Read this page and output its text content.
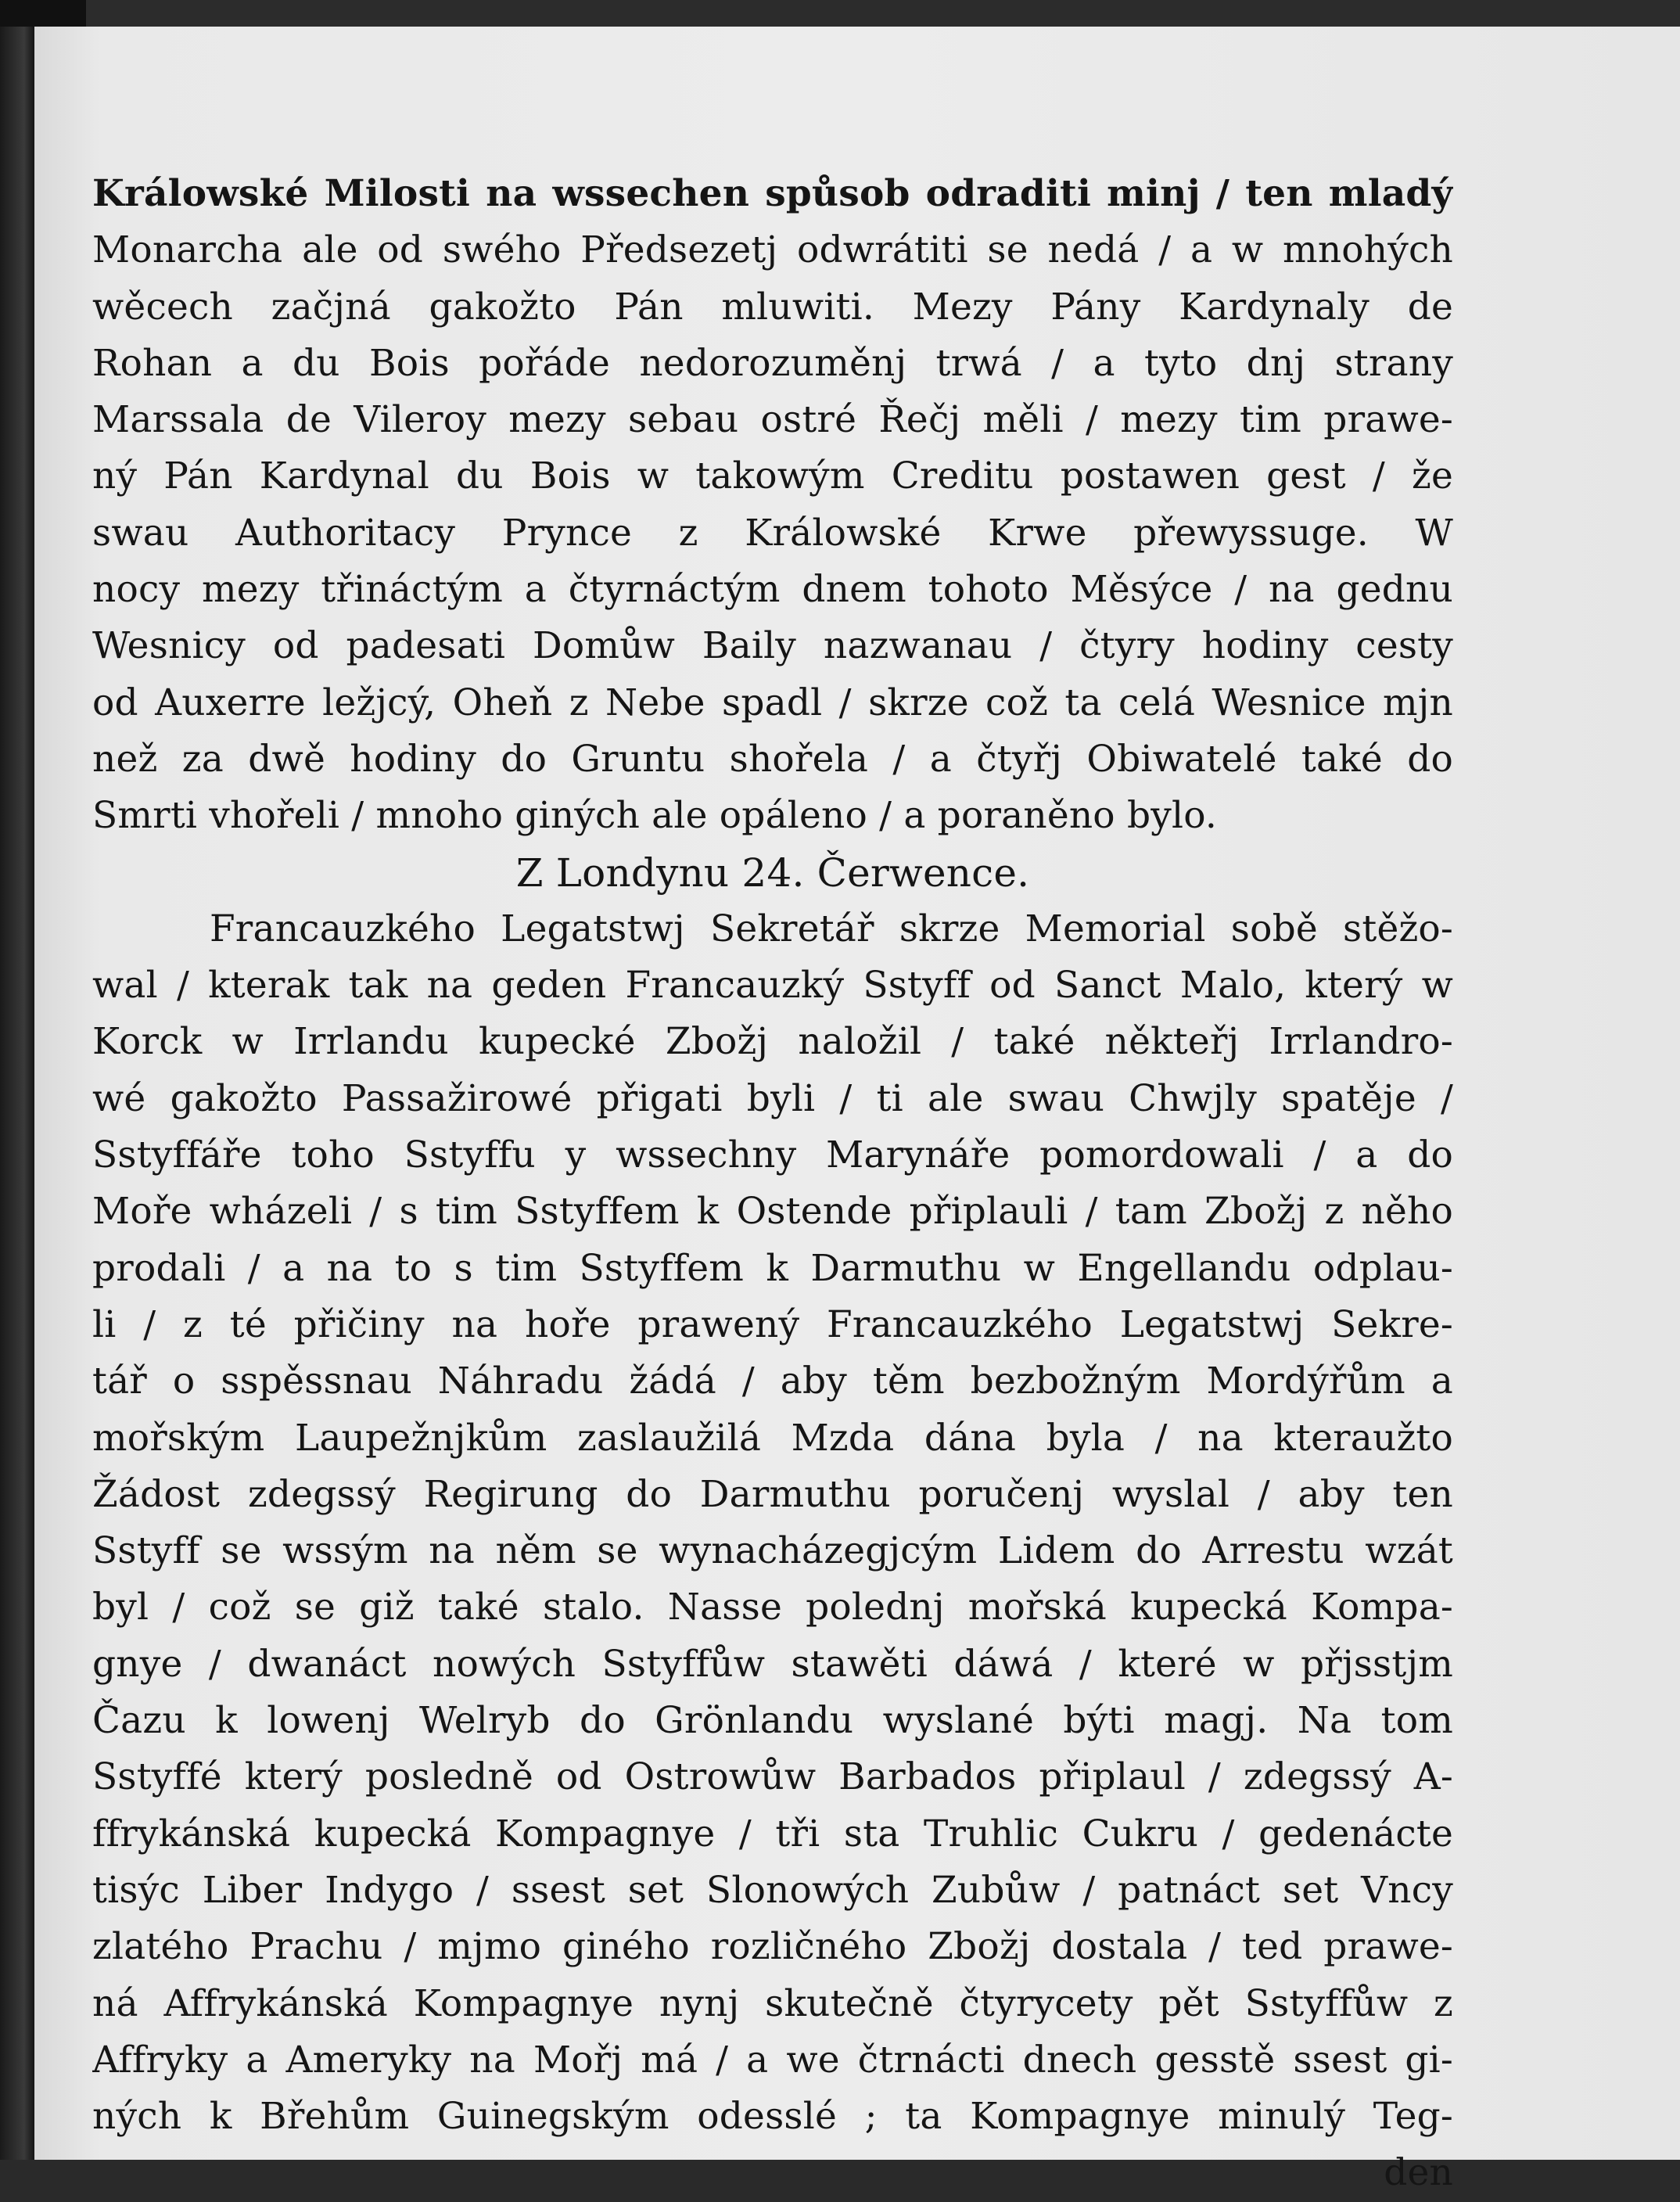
Králowské Milosti na wssechen spůsob odraditi minj / ten mladý
Monarcha ale od swého Předsezetj odwrátiti se nedá / a w mnohých
wěcech začjná gakožto Pán mluwiti. Mezy Pány Kardynaly de
Rohan a du Bois pořáde nedorozuměnj trwá / a tyto dnj strany
Marssala de Vileroy mezy sebau ostré Řečj měli / mezy tim prawe-
ný Pán Kardynal du Bois w takowým Creditu postawen gest / že
swau Authoritacy Prynce z Králowské Krwe přewyssuge. W
nocy mezy třináctým a čtyrnáctým dnem tohoto Měsýce / na gednu
Wesnicy od padesati Domůw Baily nazwanau / čtyry hodiny cesty
od Auxerre ležjcý, Oheň z Nebe spadl / skrze což ta celá Wesnice mjn
než za dwě hodiny do Gruntu shořela / a čtyřj Obiwatelé také do
Smrti vhořeli / mnoho giných ale opáleno / a poraněno bylo.
Z Londynu 24. Čerwence.
Francauzkého Legatstwj Sekretář skrze Memorial sobě stěžo-
wal / kterak tak na geden Francauzký Sstyff od Sanct Malo, který w
Korck w Irrlandu kupecké Zbožj naložil / také někteřj Irrlandro-
wé gakožto Passažirowé přigati byli / ti ale swau Chwjly spatěje /
Sstyffáře toho Sstyffu y wssechny Marynáře pomordowali / a do
Moře wházeli / s tim Sstyffem k Ostende připlauli / tam Zbožj z něho
prodali / a na to s tim Sstyffem k Darmuthu w Engellandu odplau-
li / z té přičiny na hoře prawený Francauzkého Legatstwj Sekre-
tář o sspěssnau Náhradu žádá / aby těm bezbožným Mordýřům a
mořským Laupežnjkům zaslaužilá Mzda dána byla / na kteraužto
Žádost zdegssý Regirung do Darmuthu poručenj wyslal / aby ten
Sstyff se wssým na něm se wynacházegjcým Lidem do Arrestu wzát
byl / což se giž také stalo. Nasse polednj mořská kupecká Kompa-
gnye / dwanáct nowých Sstyffůw stawěti dáwá / které w přjsstjm
Čazu k lowenj Welryb do Grönlandu wyslané býti magj. Na tom
Sstyffé který posledně od Ostrowůw Barbados připlaul / zdegssý A-
ffrykánská kupecká Kompagnye / tři sta Truhlic Cukru / gedenácte
tisýc Liber Indygo / ssest set Slonowých Zubůw / patnáct set Vncy
zlatého Prachu / mjmo giného rozličného Zbožj dostala / ted prawe-
ná Affrykánská Kompagnye nynj skutečně čtyrycety pět Sstyffůw z
Affryky a Ameryky na Mořj má / a we čtrnácti dnech gesstě ssest gi-
ných k Břehům Guinegským odesslé ; ta Kompagnye minulý Teg-
den
